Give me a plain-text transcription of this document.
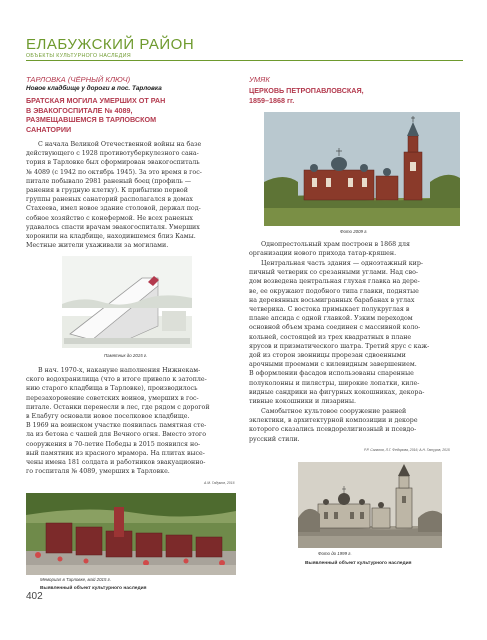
ЕЛАБУЖСКИЙ РАЙОН
ОБЪЕКТЫ КУЛЬТУРНОГО НАСЛЕДИЯ
ТАРЛОВКА (ЧЁРНЫЙ КЛЮЧ)
Новое кладбище у дороги в пос. Тарловка
БРАТСКАЯ МОГИЛА УМЕРШИХ ОТ РАН
В ЭВАКОГОСПИТАЛЕ № 4089,
РАЗМЕЩАВШЕМСЯ В ТАРЛОВСКОМ
САНАТОРИИ
С начала Великой Отечественной войны на базе
действующего с 1928 противотуберкулезного сана-
тория в Тарловке был сформирован эвакогоспиталь
№ 4089 (с 1942 по октябрь 1945). За это время в гос-
питале побывало 2981 раненый боец (профиль —
ранения в грудную клетку). К прибытию первой
группы раненых санаторий располагался в домах
Стахеева, имел новое здание столовой, держал под-
собное хозяйство с конефермой. Не всех раненых
удавалось спасти врачам эвакогоспиталя. Умерших
хоронили на кладбище, находившемся близ Камы.
Местные жители ухаживали за могилами.
Памятник до 2015 г.
В нач. 1970-х, накануне наполнения Нижнекам-
ского водохранилища (что в итоге привело к затопле-
нию старого кладбища в Тарловке), производилось
перезахоронение советских воинов, умерших в гос-
питале. Останки перенесли в лес, где рядом с дорогой
в Елабугу основали новое поселковое кладбище.
В 1969 на воинском участке появилась памятная сте-
ла из бетона с чашей для Вечного огня. Вместо этого
сооружения в 70-летие Победы в 2015 появился но-
вый памятник из красного мрамора. На плитах высе-
чены имена 181 солдата и работников эвакуационно-
го госпиталя № 4089, умерших в Тарловке.
А.М. Гадумов, 2016
Мемориал в Тарловке, май 2015 г.
Выявленный объект культурного наследия
УМЯК
ЦЕРКОВЬ ПЕТРОПАВЛОВСКАЯ,
1859–1868 гг.
Фото 2009 г.
Однопрестольный храм построен в 1868 для
организации нового прихода татар-кряшен.
Центральная часть здания — одноэтажный кир-
пичный четверик со срезанными углами. Над сво-
дом возведена центральная глухая главка на дере-
ве, ее окружают подобного типа главки, поднятые
на деревянных восьмигранных барабанах в углах
четверика. С востока примыкает полукруглая в
плане апсида с одной главкой. Узким переходом
основной объем храма соединен с массивной коло-
кольней, состоящей из трех квадратных в плане
ярусов и призматического шатра. Третий ярус с каж-
дой из сторон звонницы прорезан сдвоенными
арочными проемами с килевидным завершением.
В оформлении фасадов использованы спаренные
полуколонны и пилястры, широкие лопатки, киле-
видные сандрики на фигурных кокошниках, декора-
тивные кокошники и лизарины.
Самобытное культовое сооружение ранней
эклектики, в архитектурной композиции и декоре
которого сказались псевдорелигиозный и псевдо-
русский стили.
Р.Р. Салахов, Л.Г. Федорова, 2016; А.Н. Гатуров, 2015
Фото до 1999 г.
Выявленный объект культурного наследия
402
